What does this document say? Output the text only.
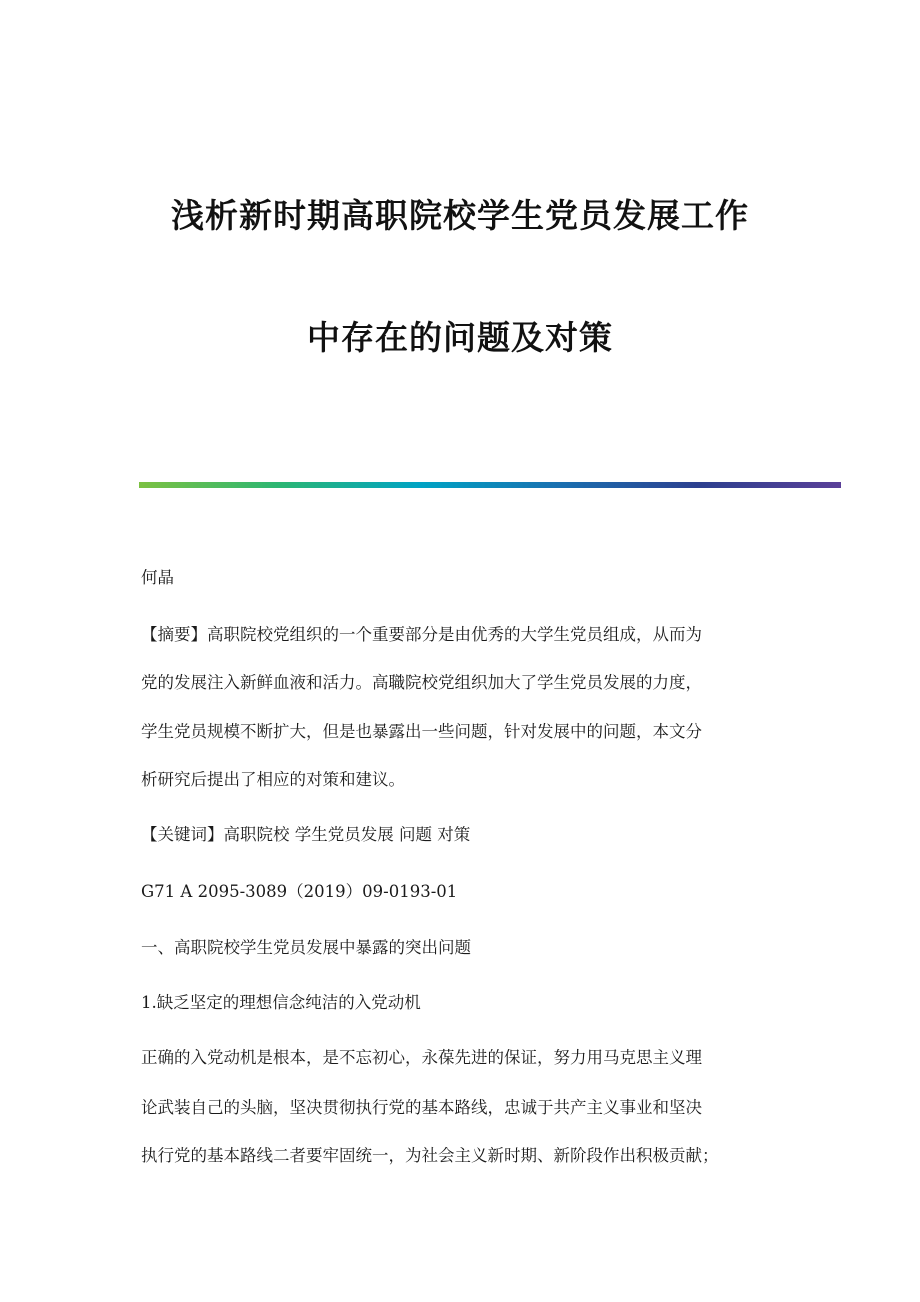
浅析新时期高职院校学生党员发展工作
中存在的问题及对策

何晶

【摘要】高职院校党组织的一个重要部分是由优秀的大学生党员组成，从而为

党的发展注入新鲜血液和活力。高職院校党组织加大了学生党员发展的力度，

学生党员规模不断扩大，但是也暴露出一些问题，针对发展中的问题，本文分

析研究后提出了相应的对策和建议。

【关键词】高职院校 学生党员发展 问题 对策

G71 A 2095-3089（2019）09-0193-01

一、高职院校学生党员发展中暴露的突出问题

1.缺乏坚定的理想信念纯洁的入党动机

正确的入党动机是根本，是不忘初心，永葆先进的保证，努力用马克思主义理

论武装自己的头脑，坚决贯彻执行党的基本路线，忠诚于共产主义事业和坚决

执行党的基本路线二者要牢固统一，为社会主义新时期、新阶段作出积极贡献；
